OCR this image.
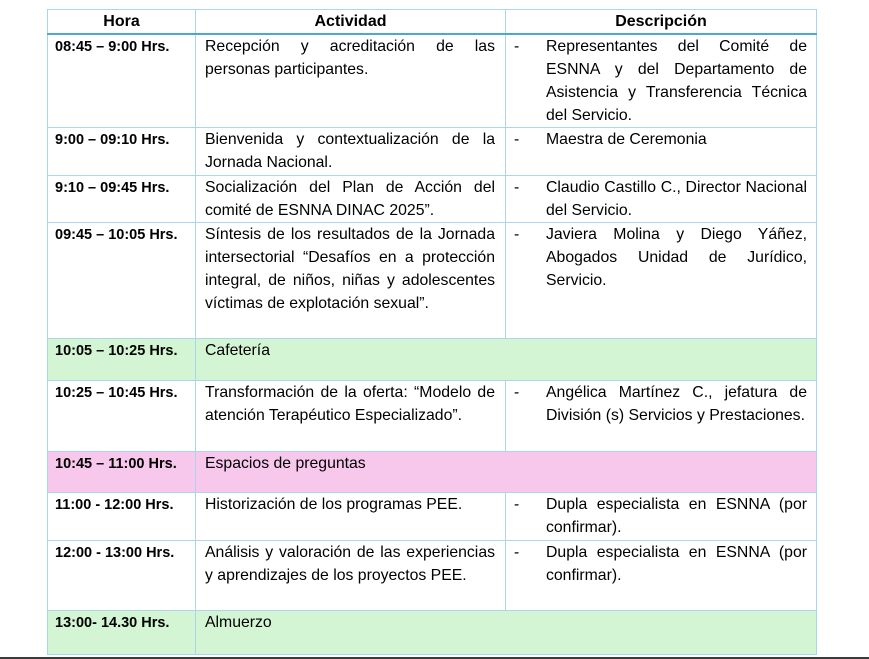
Hora	Actividad	Descripción

08:45 – 9:00 Hrs.	Recepción y acreditación de las personas participantes.	- Representantes del Comité de ESNNA y del Departamento de Asistencia y Transferencia Técnica del Servicio.

9:00 – 09:10 Hrs.	Bienvenida y contextualización de la Jornada Nacional.	- Maestra de Ceremonia

9:10 – 09:45 Hrs.	Socialización del Plan de Acción del comité de ESNNA DINAC 2025”.	- Claudio Castillo C., Director Nacional del Servicio.

09:45 – 10:05 Hrs.	Síntesis de los resultados de la Jornada intersectorial “Desafíos en a protección integral, de niños, niñas y adolescentes víctimas de explotación sexual”.	- Javiera Molina y Diego Yáñez, Abogados Unidad de Jurídico, Servicio.

10:05 – 10:25 Hrs.	Cafetería	

10:25 – 10:45 Hrs.	Transformación de la oferta: “Modelo de atención Terapéutico Especializado”.	- Angélica Martínez C., jefatura de División (s) Servicios y Prestaciones.

10:45 – 11:00 Hrs.	Espacios de preguntas	

11:00 - 12:00 Hrs.	Historización de los programas PEE.	- Dupla especialista en ESNNA (por confirmar).

12:00 - 13:00 Hrs.	Análisis y valoración de las experiencias y aprendizajes de los proyectos PEE.	- Dupla especialista en ESNNA (por confirmar).

13:00- 14.30 Hrs.	Almuerzo	
